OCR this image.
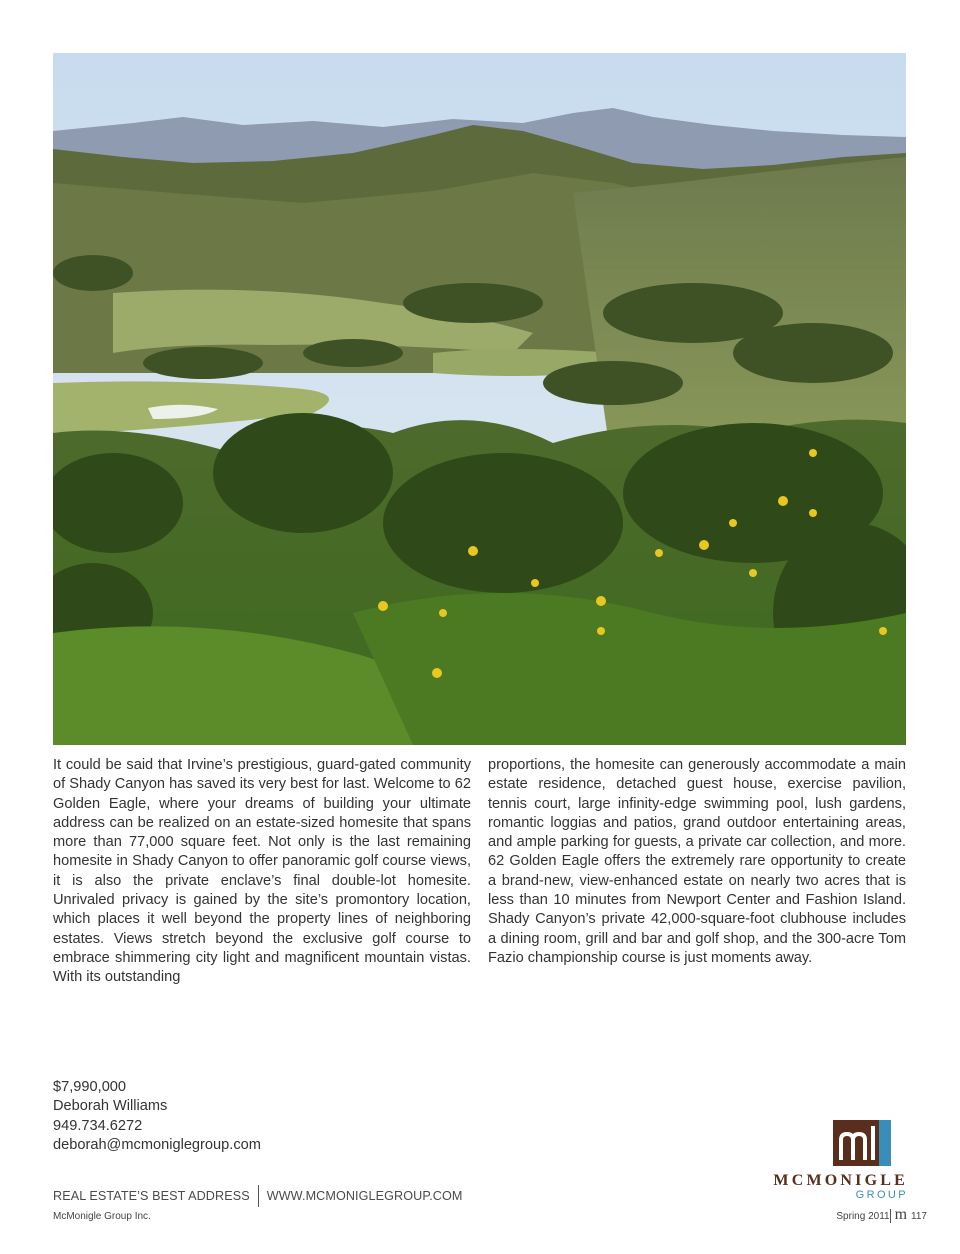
It could be said that Irvine’s prestigious, guard-gated community of Shady Canyon has saved its very best for last. Welcome to 62 Golden Eagle, where your dreams of building your ultimate address can be realized on an estate-sized homesite that spans more than 77,000 square feet. Not only is the last remaining homesite in Shady Canyon to offer panoramic golf course views, it is also the private enclave’s final double-lot homesite. Unrivaled privacy is gained by the site’s promontory location, which places it well beyond the property lines of neighboring estates. Views stretch beyond the exclusive golf course to embrace shimmering city light and magnificent mountain vistas. With its outstanding
proportions, the homesite can generously accommodate a main estate residence, detached guest house, exercise pavilion, tennis court, large infinity-edge swimming pool, lush gardens, romantic loggias and patios, grand outdoor entertaining areas, and ample parking for guests, a private car collection, and more. 62 Golden Eagle offers the extremely rare opportunity to create a brand-new, view-enhanced estate on nearly two acres that is less than 10 minutes from Newport Center and Fashion Island. Shady Canyon’s private 42,000-square-foot clubhouse includes a dining room, grill and bar and golf shop, and the 300-acre Tom Fazio championship course is just moments away.
$7,990,000
Deborah Williams
949.734.6272
deborah@mcmoniglegroup.com
MCMONIGLE
GROUP
REAL ESTATE’S BEST ADDRESS WWW.MCMONIGLEGROUP.COM
McMonigle Group Inc.	Spring 2011 m 117
